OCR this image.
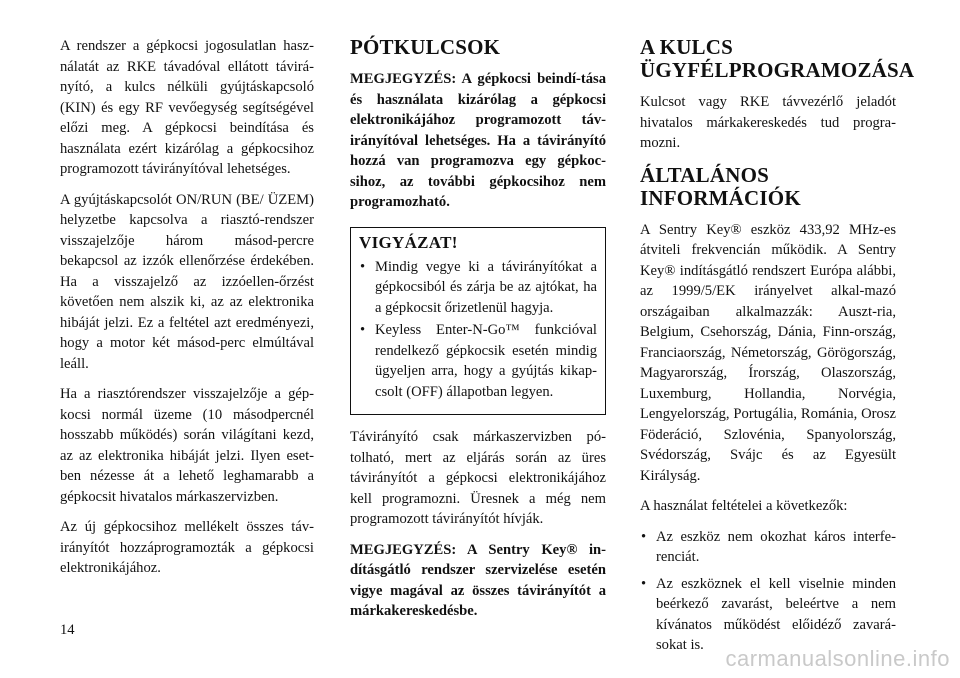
A rendszer a gépkocsi jogosulatlan hasz-nálatát az RKE távadóval ellátott távirá-nyító, a kulcs nélküli gyújtáskapcsoló (KIN) és egy RF vevőegység segítségével előzi meg. A gépkocsi beindítása és használata ezért kizárólag a gépkocsihoz programozott távirányítóval lehetséges.

A gyújtáskapcsolót ON/RUN (BE/ ÜZEM) helyzetbe kapcsolva a riasztó-rendszer visszajelzője három másod-percre bekapcsol az izzók ellenőrzése érdekében. Ha a visszajelző az izzóellen-őrzést követően nem alszik ki, az az elektronika hibáját jelzi. Ez a feltétel azt eredményezi, hogy a motor két másod-perc elmúltával leáll.

Ha a riasztórendszer visszajelzője a gép-kocsi normál üzeme (10 másodpercnél hosszabb működés) során világítani kezd, az az elektronika hibáját jelzi. Ilyen eset-ben nézesse át a lehető leghamarabb a gépkocsit hivatalos márkaszervizben.

Az új gépkocsihoz mellékelt összes táv-irányítót hozzáprogramozták a gépkocsi elektronikájához.

PÓTKULCSOK

MEGJEGYZÉS: A gépkocsi beindí-tása és használata kizárólag a gépkocsi elektronikájához programozott táv-irányítóval lehetséges. Ha a távirányító hozzá van programozva egy gépkoc-sihoz, az további gépkocsihoz nem programozható.

VIGYÁZAT!
• Mindig vegye ki a távirányítókat a gépkocsiból és zárja be az ajtókat, ha a gépkocsit őrizetlenül hagyja.
• Keyless Enter-N-Go™ funkcióval rendelkező gépkocsik esetén mindig ügyeljen arra, hogy a gyújtás kikap-csolt (OFF) állapotban legyen.

Távirányító csak márkaszervizben pó-tolható, mert az eljárás során az üres távirányítót a gépkocsi elektronikájához kell programozni. Üresnek a még nem programozott távirányítót hívják.

MEGJEGYZÉS: A Sentry Key® in-dításgátló rendszer szervizelése esetén vigye magával az összes távirányítót a márkakereskedésbe.

A KULCS ÜGYFÉLPROGRAMOZÁSA

Kulcsot vagy RKE távvezérlő jeladót hivatalos márkakereskedés tud progra-mozni.

ÁLTALÁNOS INFORMÁCIÓK

A Sentry Key® eszköz 433,92 MHz-es átviteli frekvencián működik. A Sentry Key® indításgátló rendszert Európa alábbi, az 1999/5/EK irányelvet alkal-mazó országaiban alkalmazzák: Auszt-ria, Belgium, Csehország, Dánia, Finn-ország, Franciaország, Németország, Görögország, Magyarország, Írország, Olaszország, Luxemburg, Hollandia, Norvégia, Lengyelország, Portugália, Románia, Orosz Föderáció, Szlovénia, Spanyolország, Svédország, Svájc és az Egyesült Királyság.

A használat feltételei a következők:

• Az eszköz nem okozhat káros interfe-renciát.
• Az eszköznek el kell viselnie minden beérkező zavarást, beleértve a nem kívánatos működést előidéző zavará-sokat is.
14
carmanualsonline.info
